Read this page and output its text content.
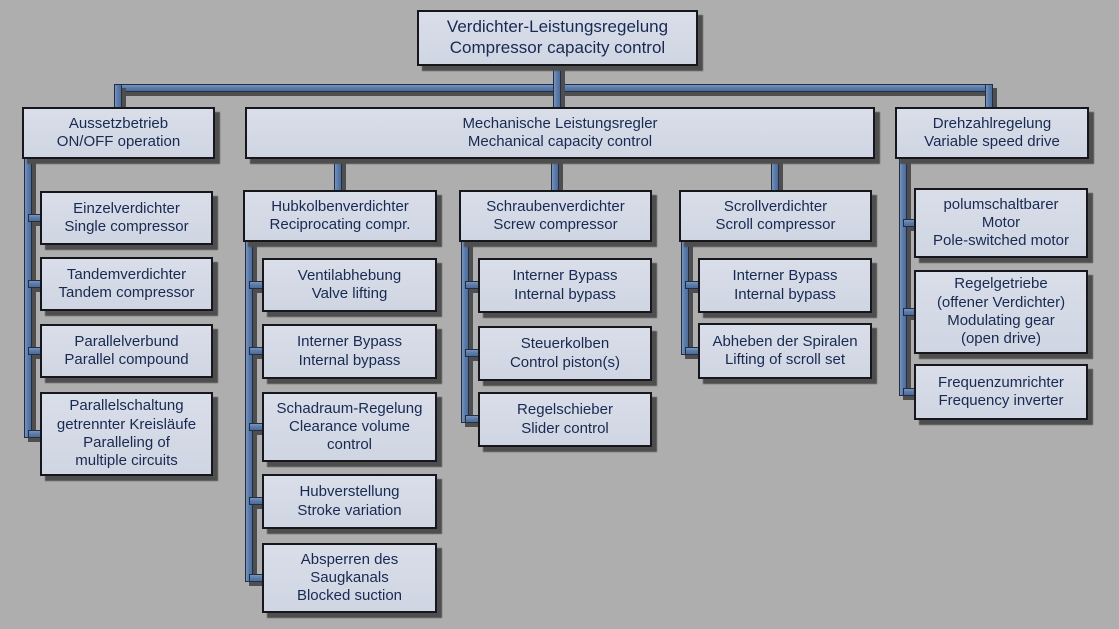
Verdichter-Leistungsregelung
Compressor capacity control
Aussetzbetrieb
ON/OFF operation
Mechanische Leistungsregler
Mechanical capacity control
Drehzahlregelung
Variable speed drive
Einzelverdichter
Single compressor
Tandemverdichter
Tandem compressor
Parallelverbund
Parallel compound
Parallelschaltung
getrennter Kreisläufe
Paralleling of
multiple circuits
Hubkolbenverdichter
Reciprocating compr.
Ventilabhebung
Valve lifting
Interner Bypass
Internal bypass
Schadraum-Regelung
Clearance volume
control
Hubverstellung
Stroke variation
Absperren des
Saugkanals
Blocked suction
Schraubenverdichter
Screw compressor
Interner Bypass
Internal bypass
Steuerkolben
Control piston(s)
Regelschieber
Slider control
Scrollverdichter
Scroll compressor
Interner Bypass
Internal bypass
Abheben der Spiralen
Lifting of scroll set
polumschaltbarer
Motor
Pole-switched motor
Regelgetriebe
(offener Verdichter)
Modulating gear
(open drive)
Frequenzumrichter
Frequency inverter
